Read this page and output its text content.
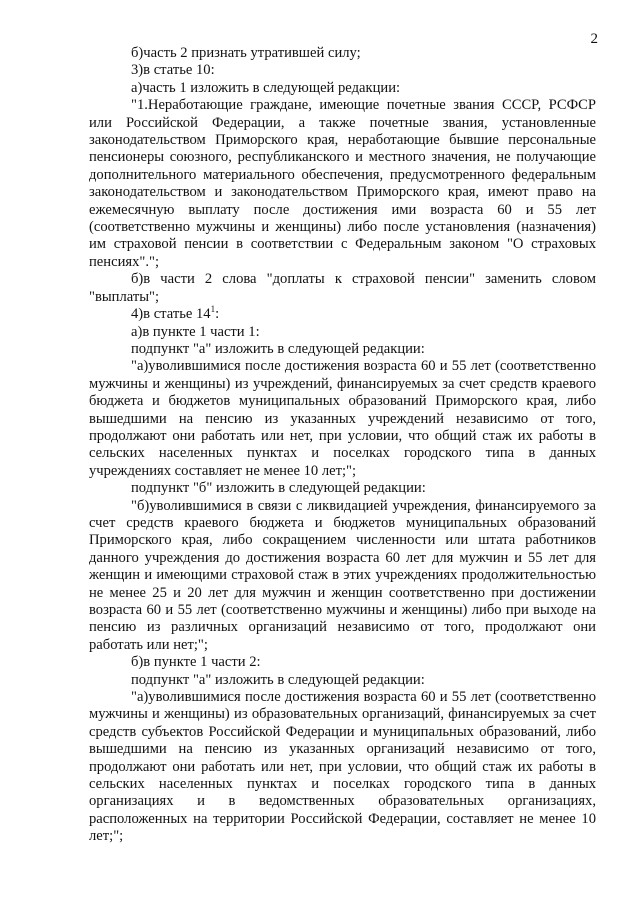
2

б)часть 2 признать утратившей силу;

3)в статье 10:

а)часть 1 изложить в следующей редакции:

"1.Неработающие граждане, имеющие почетные звания СССР, РСФСР или Российской Федерации, а также почетные звания, установленные законодательством Приморского края, неработающие бывшие персональные пенсионеры союзного, республиканского и местного значения, не получающие дополнительного материального обеспечения, предусмотренного федеральным законодательством и законодательством Приморского края, имеют право на ежемесячную выплату после достижения ими возраста 60 и 55 лет (соответственно мужчины и женщины) либо после установления (назначения) им страховой пенсии в соответствии с Федеральным законом "О страховых пенсиях".";

б)в части 2 слова "доплаты к страховой пенсии" заменить словом "выплаты";

4)в статье $14^1$:

а)в пункте 1 части 1:

подпункт "а" изложить в следующей редакции:

"а)уволившимися после достижения возраста 60 и 55 лет (соответственно мужчины и женщины) из учреждений, финансируемых за счет средств краевого бюджета и бюджетов муниципальных образований Приморского края, либо вышедшими на пенсию из указанных учреждений независимо от того, продолжают они работать или нет, при условии, что общий стаж их работы в сельских населенных пунктах и поселках городского типа в данных учреждениях составляет не менее 10 лет;";

подпункт "б" изложить в следующей редакции:

"б)уволившимися в связи с ликвидацией учреждения, финансируемого за счет средств краевого бюджета и бюджетов муниципальных образований Приморского края, либо сокращением численности или штата работников данного учреждения до достижения возраста 60 лет для мужчин и 55 лет для женщин и имеющими страховой стаж в этих учреждениях продолжительностью не менее 25 и 20 лет для мужчин и женщин соответственно при достижении возраста 60 и 55 лет (соответственно мужчины и женщины) либо при выходе на пенсию из различных организаций независимо от того, продолжают они работать или нет;";

б)в пункте 1 части 2:

подпункт "а" изложить в следующей редакции:

"а)уволившимися после достижения возраста 60 и 55 лет (соответственно мужчины и женщины) из образовательных организаций, финансируемых за счет средств субъектов Российской Федерации и муниципальных образований, либо вышедшими на пенсию из указанных организаций независимо от того, продолжают они работать или нет, при условии, что общий стаж их работы в сельских населенных пунктах и поселках городского типа в данных организациях и в ведомственных образовательных организациях, расположенных на территории Российской Федерации, составляет не менее 10 лет;";
